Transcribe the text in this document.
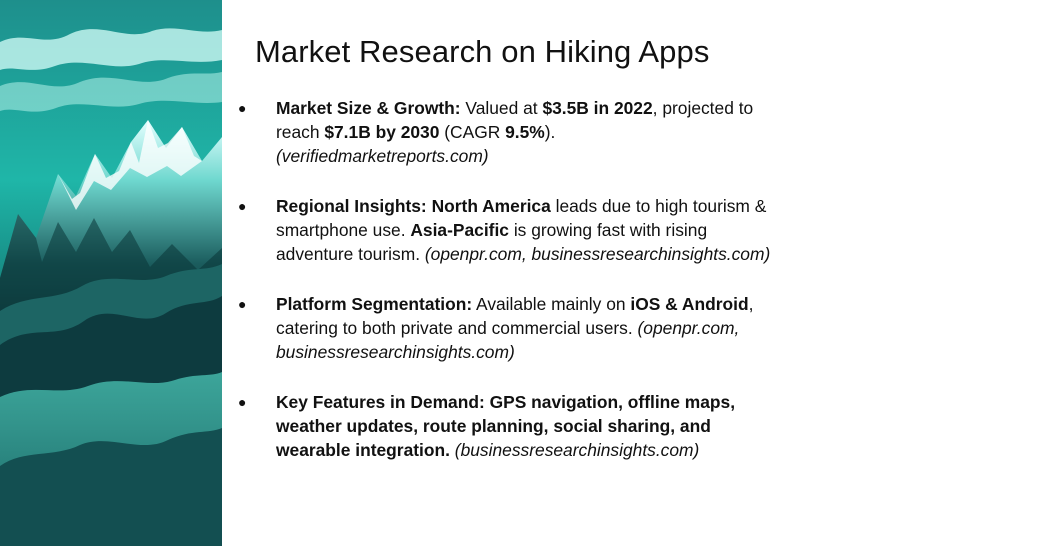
Market Research on Hiking Apps
● Market Size & Growth: Valued at $3.5B in 2022, projected to reach $7.1B by 2030 (CAGR 9.5%).
(verifiedmarketreports.com)
● Regional Insights: North America leads due to high tourism & smartphone use. Asia-Pacific is growing fast with rising adventure tourism. (openpr.com, businessresearchinsights.com)
● Platform Segmentation: Available mainly on iOS & Android, catering to both private and commercial users. (openpr.com, businessresearchinsights.com)
● Key Features in Demand: GPS navigation, offline maps, weather updates, route planning, social sharing, and wearable integration. (businessresearchinsights.com)
